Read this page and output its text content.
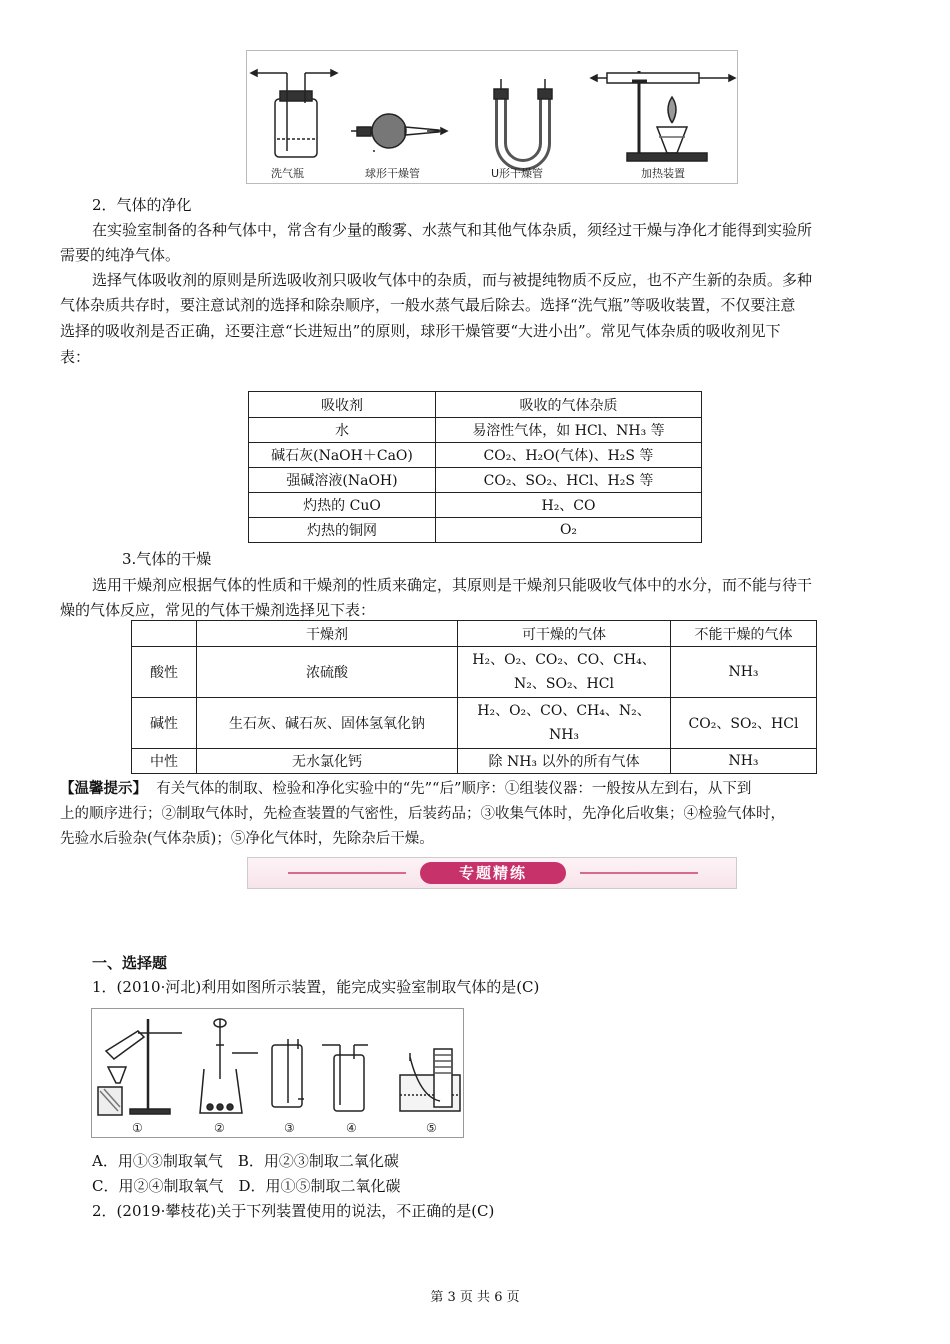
洗气瓶	球形干燥管	U形干燥管	加热装置
2．气体的净化
在实验室制备的各种气体中，常含有少量的酸雾、水蒸气和其他气体杂质，须经过干燥与净化才能得到实验所
需要的纯净气体。
选择气体吸收剂的原则是所选吸收剂只吸收气体中的杂质，而与被提纯物质不反应，也不产生新的杂质。多种
气体杂质共存时，要注意试剂的选择和除杂顺序，一般水蒸气最后除去。选择“洗气瓶”等吸收装置，不仅要注意
选择的吸收剂是否正确，还要注意“长进短出”的原则，球形干燥管要“大进小出”。常见气体杂质的吸收剂见下
表：
吸收剂	吸收的气体杂质
水	易溶性气体，如 HCl、NH₃ 等
碱石灰(NaOH＋CaO)	CO₂、H₂O(气体)、H₂S 等
强碱溶液(NaOH)	CO₂、SO₂、HCl、H₂S 等
灼热的 CuO	H₂、CO
灼热的铜网	O₂
3.气体的干燥
选用干燥剂应根据气体的性质和干燥剂的性质来确定，其原则是干燥剂只能吸收气体中的水分，而不能与待干
燥的气体反应，常见的气体干燥剂选择见下表：
	干燥剂	可干燥的气体	不能干燥的气体
酸性	浓硫酸	H₂、O₂、CO₂、CO、CH₄、
N₂、SO₂、HCl	NH₃
碱性	生石灰、碱石灰、固体氢氧化钠	H₂、O₂、CO、CH₄、N₂、
NH₃	CO₂、SO₂、HCl
中性	无水氯化钙	除 NH₃ 以外的所有气体	NH₃
【温馨提示】 有关气体的制取、检验和净化实验中的“先”“后”顺序：①组装仪器：一般按从左到右，从下到
上的顺序进行；②制取气体时，先检查装置的气密性，后装药品；③收集气体时，先净化后收集；④检验气体时，
先验水后验杂(气体杂质)；⑤净化气体时，先除杂后干燥。
专题精练
一、选择题
1．(2010·河北)利用如图所示装置，能完成实验室制取气体的是(C)
①	②	③	④	⑤
A．用①③制取氧气　B．用②③制取二氧化碳
C．用②④制取氧气　D．用①⑤制取二氧化碳
2．(2019·攀枝花)关于下列装置使用的说法，不正确的是(C)
第 3 页 共 6 页
